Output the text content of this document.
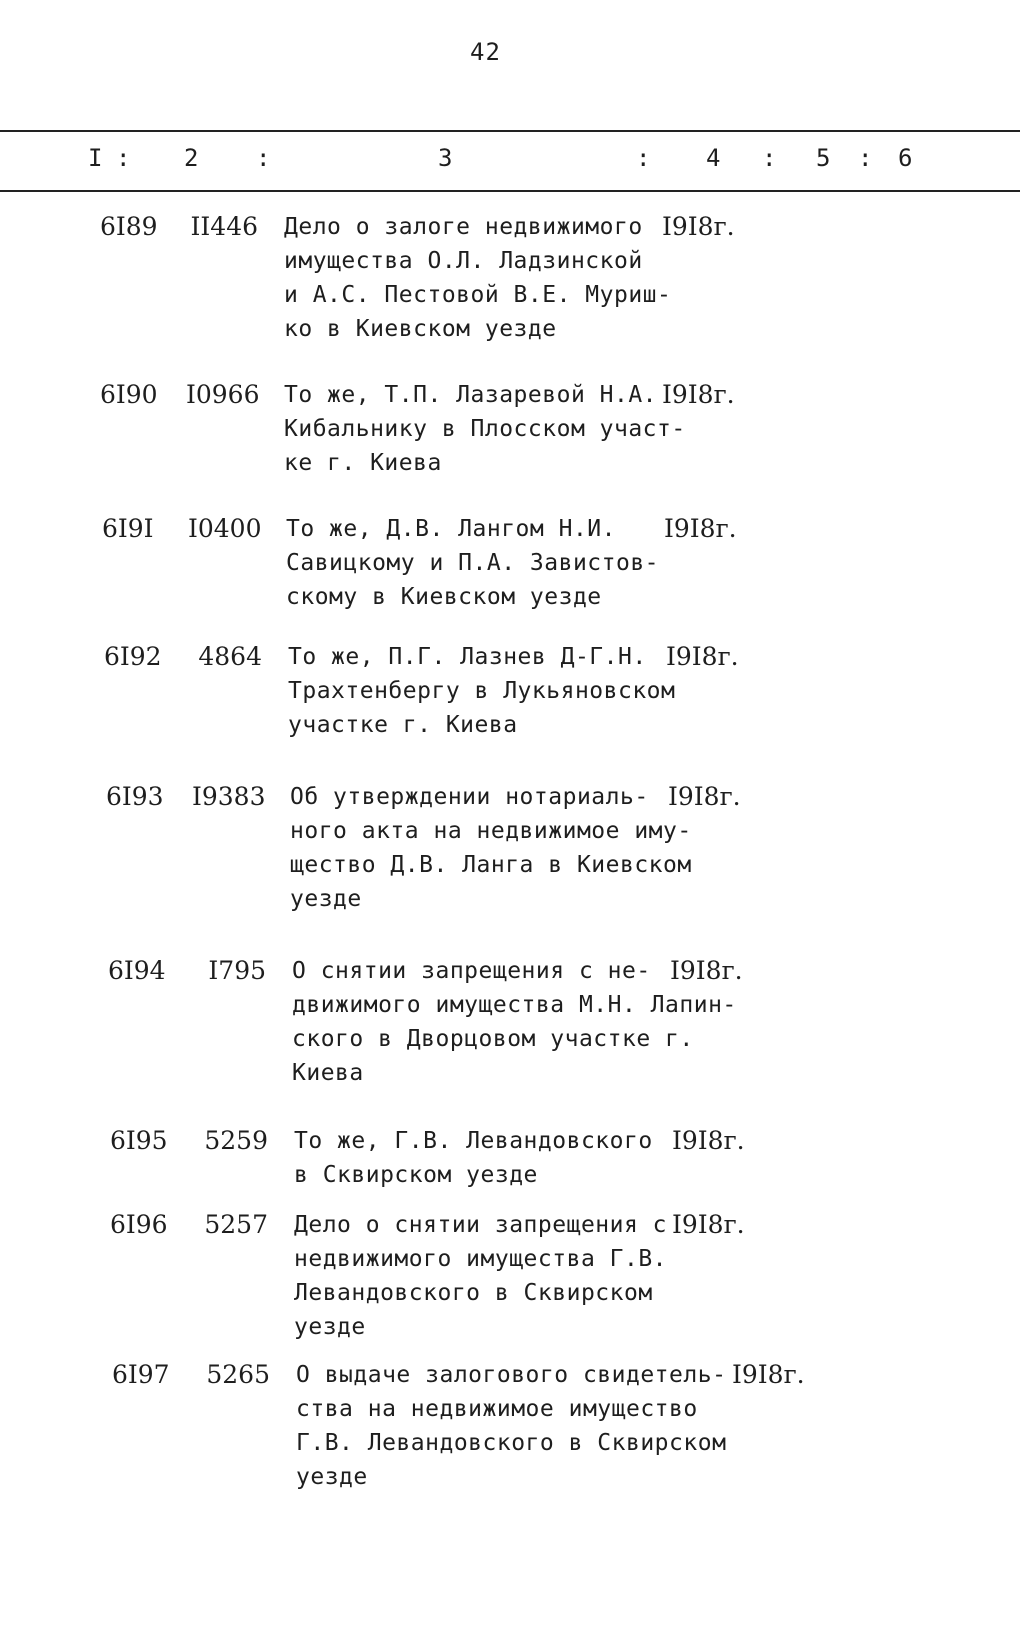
42
I : 2 :	3	: 4 : 5 : 6
6I89 II446 Дело о залоге недвижимого
имущества О.Л. Ладзинской
и А.С. Пестовой В.Е. Муриш-
ко в Киевском уезде
I9I8г.
6I90 I0966 То же, Т.П. Лазаревой Н.А.
Кибальнику в Плосском участ-
ке г. Киева
I9I8г.
6I9I I0400 То же, Д.В. Лангом Н.И.
Савицкому и П.А. Завистов-
скому в Киевском уезде
I9I8г.
6I92	4864 То же, П.Г. Лазнев Д-Г.Н.
Трахтенбергу в Лукьяновском
участке г. Киева
I9I8г.
6I93 I9383 Об утверждении нотариаль-
ного акта на недвижимое иму-
щество Д.В. Ланга в Киевском
уезде
I9I8г.
6I94	I795 О снятии запрещения с не-
движимого имущества М.Н. Лапин-
ского в Дворцовом участке г.
Киева
I9I8г.
6I95	5259 То же, Г.В. Левандовского
в Сквирском уезде
I9I8г.
6I96	5257 Дело о снятии запрещения с
недвижимого имущества Г.В.
Левандовского в Сквирском
уезде
I9I8г.
6I97	5265 О выдаче залогового свидетель-
ства на недвижимое имущество
Г.В. Левандовского в Сквирском
уезде
I9I8г.
